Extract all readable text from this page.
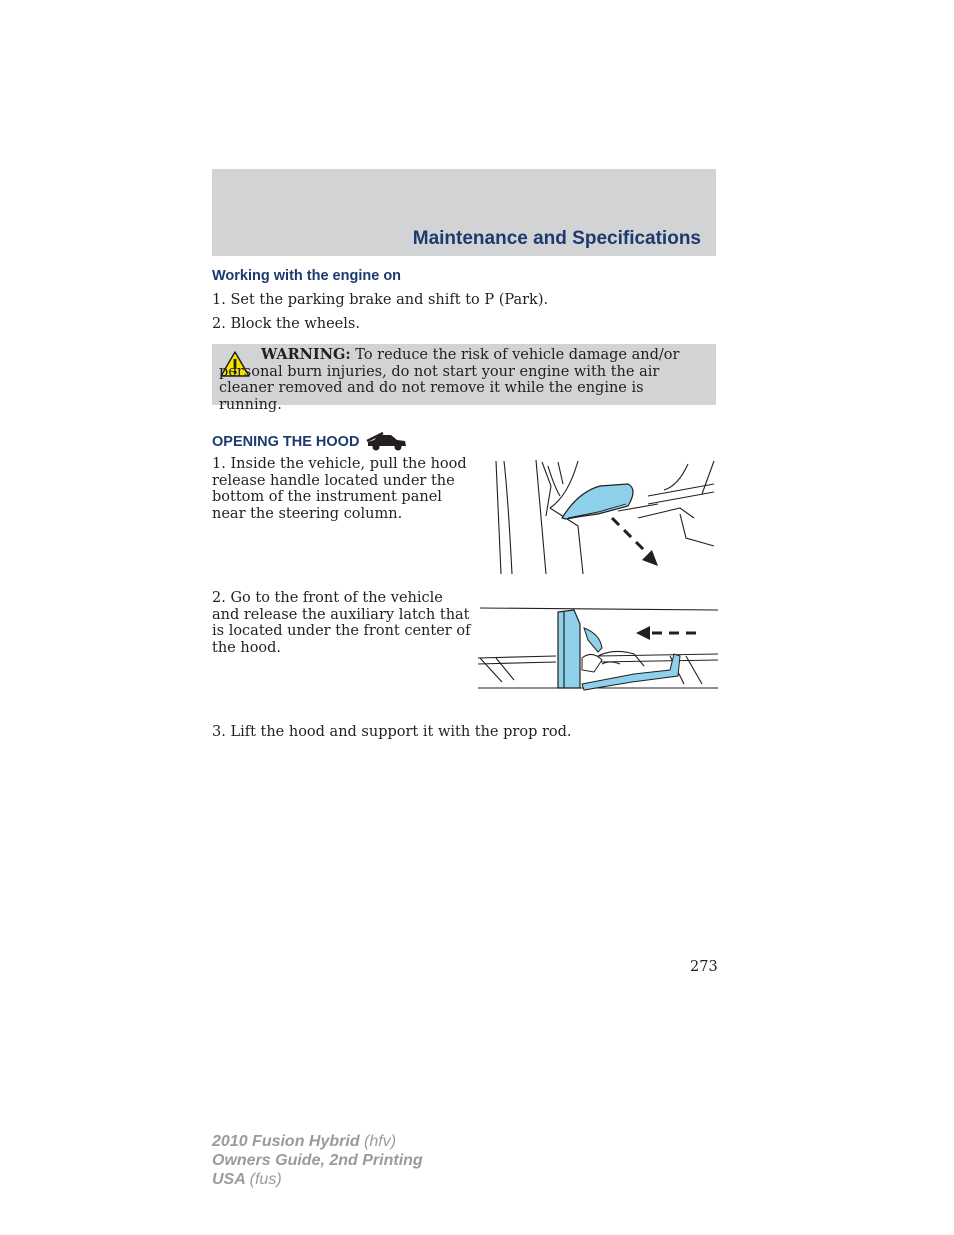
Maintenance and Specifications
Working with the engine on
1. Set the parking brake and shift to P (Park).
2. Block the wheels.
WARNING: To reduce the risk of vehicle damage and/or personal burn injuries, do not start your engine with the air cleaner removed and do not remove it while the engine is running.
OPENING THE HOOD
1. Inside the vehicle, pull the hood release handle located under the bottom of the instrument panel near the steering column.
2. Go to the front of the vehicle and release the auxiliary latch that is located under the front center of the hood.
3. Lift the hood and support it with the prop rod.
273
2010 Fusion Hybrid (hfv)
Owners Guide, 2nd Printing
USA (fus)
